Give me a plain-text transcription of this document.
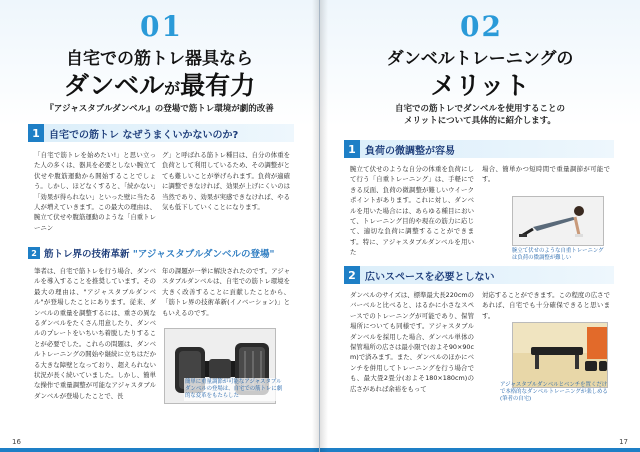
01
自宅での筋トレ器具なら
ダンベルが最有力
『アジャスタブルダンベル』の登場で筋トレ環境が劇的改善
1 自宅での筋トレ なぜうまくいかないのか?
「自宅で筋トレを始めたい!」と思い立った人の多くは、器具を必要としない腕立て伏せや腹筋運動から開始することでしょう。しかし、ほどなくすると、「続かない」「効果が得られない」といった壁に当たる人が増えていきます。この最大の理由は、腕立て伏せや腹筋運動のような「自重トレーニン
グ」と呼ばれる筋トレ種目は、自分の体重を負荷として利用しているため、その調整がとても難しいことが挙げられます。負荷が適確に調整できなければ、効果が上げにくいのは当然であり、効果が実感できなければ、やる気も低下していくことになります。
2 筋トレ界の技術革新 "アジャスタブルダンベルの登場"
筆者は、自宅で筋トレを行う場合、ダンベルを導入することを推奨しています。その最大の理由は、"アジャスタブルダンベル"が登場したことにあります。従来、ダンベルの重量を調整するには、重さの異なるダンベルをたくさん用意したり、ダンベルのプレートをいちいち着脱したりすることが必要でした。これらの問題は、ダンベルトレーニングの開始や継続に立ちはだかる大きな障壁となっており、超えられない状況が長く続いていました。しかし、簡単な操作で重量調整が可能なアジャスタブルダンベルが登場したことで、長
年の課題が一挙に解決されたのです。アジャスタブルダンベルは、自宅での筋トレ環境を大きく改善することに貢献したことから、「筋トレ界の技術革新(イノベーション)」ともいえるのです。
簡単に重量調節が可能なアジャスタブルダンベルの登場は、自宅での筋トレに劇的な変革をもたらした
16
02
ダンベルトレーニングの
メリット
自宅での筋トレでダンベルを使用することの
メリットについて具体的に紹介します。
1 負荷の微調整が容易
腕立て伏せのような自分の体重を負荷にして行う「自重トレーニング」は、手軽にできる反面、負荷の微調整が難しいウイークポイントがあります。これに対し、ダンベルを用いた場合には、あらゆる種目において、トレーニング目的や現在の筋力に応じて、適切な負荷に調整することができます。特に、アジャスタブルダンベルを用いた
場合、簡単かつ短時間で重量調節が可能です。
腕立て伏せのような自重トレーニングは負荷の微調整が難しい
2 広いスペースを必要としない
ダンベルのサイズは、標準最大長220cmのバーベルと比べると、はるかに小さなスペースでのトレーニングが可能であり、保管場所についても同様です。アジャスタブルダンベルを採用した場合、ダンベル単体の保管場所の広さは最小限で(およそ90×90cm)で済みます。また、ダンベルのほかにベンチを併用してトレーニングを行う場合でも、最大畳2畳分(およそ180×180cm)の広さがあれば余裕をもって
対応することができます。この程度の広さであれば、自宅でも十分確保できると思います。
アジャスタブルダンベルとベンチを置くだけで本格的なダンベルトレーニングが楽しめる(筆者の自宅)
17
